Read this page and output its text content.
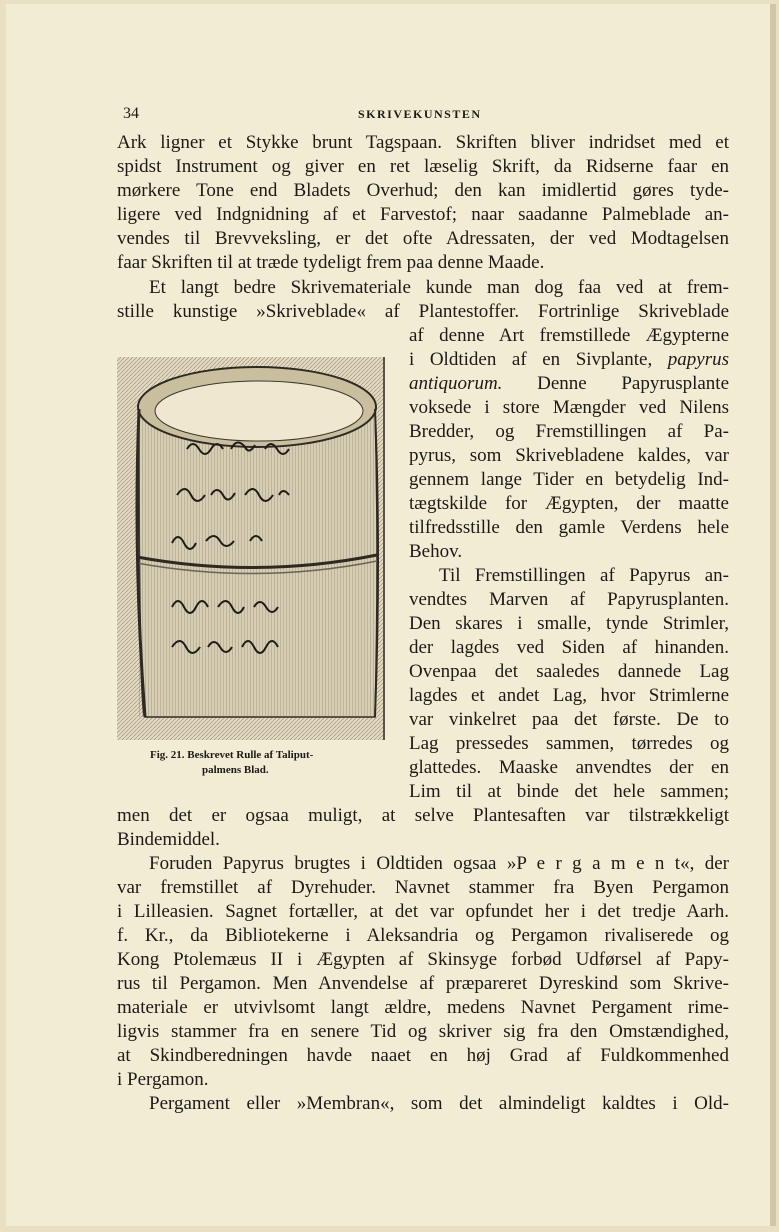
34	SKRIVEKUNSTEN
Ark ligner et Stykke brunt Tagspaan. Skriften bliver indridset med et
spidst Instrument og giver en ret læselig Skrift, da Ridserne faar en
mørkere Tone end Bladets Overhud; den kan imidlertid gøres tyde-
ligere ved Indgnidning af et Farvestof; naar saadanne Palmeblade an-
vendes til Brevveksling, er det ofte Adressaten, der ved Modtagelsen
faar Skriften til at træde tydeligt frem paa denne Maade.
Et langt bedre Skrivemateriale kunde man dog faa ved at frem-
stille kunstige »Skriveblade« af Plantestoffer. Fortrinlige Skriveblade
Fig. 21. Beskrevet Rulle af Taliput-
palmens Blad.
af denne Art fremstillede Ægypterne
i Oldtiden af en Sivplante, papyrus
antiquorum. Denne Papyrusplante
voksede i store Mængder ved Nilens
Bredder, og Fremstillingen af Pa-
pyrus, som Skrivebladene kaldes, var
gennem lange Tider en betydelig Ind-
tægtskilde for Ægypten, der maatte
tilfredsstille den gamle Verdens hele
Behov.
Til Fremstillingen af Papyrus an-
vendtes Marven af Papyrusplanten.
Den skares i smalle, tynde Strimler,
der lagdes ved Siden af hinanden.
Ovenpaa det saaledes dannede Lag
lagdes et andet Lag, hvor Strimlerne
var vinkelret paa det første. De to
Lag pressedes sammen, tørredes og
glattedes. Maaske anvendtes der en
Lim til at binde det hele sammen;
men det er ogsaa muligt, at selve Plantesaften var tilstrækkeligt
Bindemiddel.
Foruden Papyrus brugtes i Oldtiden ogsaa »P e r g a m e n t«, der
var fremstillet af Dyrehuder. Navnet stammer fra Byen Pergamon
i Lilleasien. Sagnet fortæller, at det var opfundet her i det tredje Aarh.
f. Kr., da Bibliotekerne i Aleksandria og Pergamon rivaliserede og
Kong Ptolemæus II i Ægypten af Skinsyge forbød Udførsel af Papy-
rus til Pergamon. Men Anvendelse af præpareret Dyreskind som Skrive-
materiale er utvivlsomt langt ældre, medens Navnet Pergament rime-
ligvis stammer fra en senere Tid og skriver sig fra den Omstændighed,
at Skindberedningen havde naaet en høj Grad af Fuldkommenhed
i Pergamon.
Pergament eller »Membran«, som det almindeligt kaldtes i Old-
